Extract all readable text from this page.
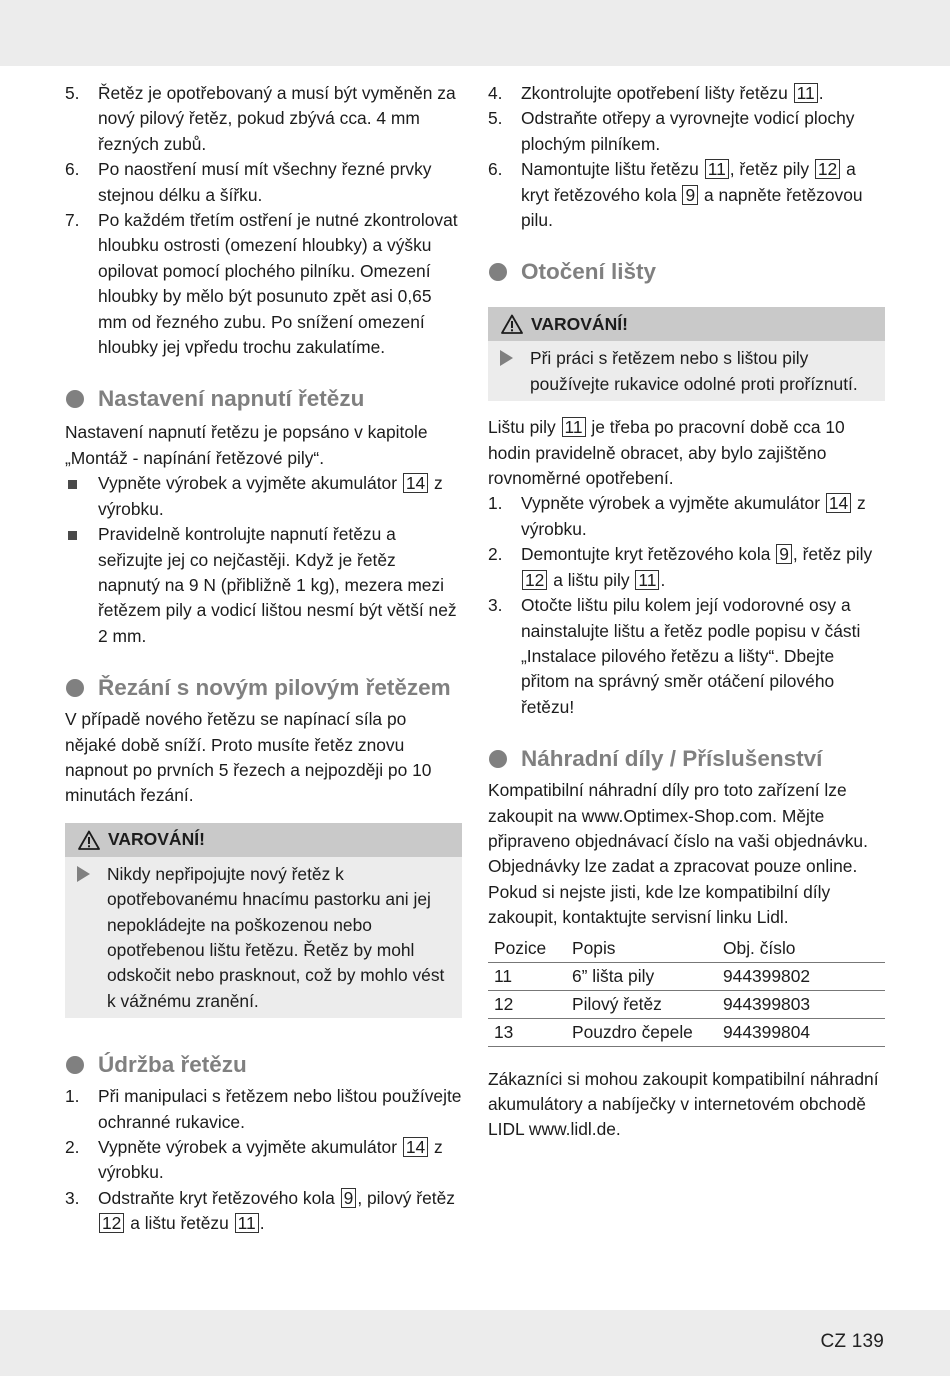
5. Řetěz je opotřebovaný a musí být vyměněn za nový pilový řetěz, pokud zbývá cca. 4 mm řezných zubů.
6. Po naostření musí mít všechny řezné prvky stejnou délku a šířku.
7. Po každém třetím ostření je nutné zkontrolovat hloubku ostrosti (omezení hloubky) a výšku opilovat pomocí plochého pilníku. Omezení hloubky by mělo být posunuto zpět asi 0,65 mm od řezného zubu. Po snížení omezení hloubky jej vpředu trochu zakulatíme.
Nastavení napnutí řetězu

Nastavení napnutí řetězu je popsáno v kapitole „Montáž - napínání řetězové pily“.

Vypněte výrobek a vyjměte akumulátor 14 z výrobku.
Pravidelně kontrolujte napnutí řetězu a seřizujte jej co nejčastěji. Když je řetěz napnutý na 9 N (přibližně 1 kg), mezera mezi řetězem pily a vodicí lištou nesmí být větší než 2 mm.
Řezání s novým pilovým řetězem

V případě nového řetězu se napínací síla po nějaké době sníží. Proto musíte řetěz znovu napnout po prvních 5 řezech a nejpozději po 10 minutách řezání.

VAROVÁNÍ!

Nikdy nepřipojujte nový řetěz k opotřebovanému hnacímu pastorku ani jej nepokládejte na poškozenou nebo opotřebenou lištu řetězu. Řetěz by mohl odskočit nebo prasknout, což by mohlo vést k vážnému zranění.

Údržba řetězu
1. Při manipulaci s řetězem nebo lištou používejte ochranné rukavice.
2. Vypněte výrobek a vyjměte akumulátor 14 z výrobku.
3. Odstraňte kryt řetězového kola 9 , pilový řetěz 12 a lištu řetězu 11 .
4. Zkontrolujte opotřebení lišty řetězu 11 .
5. Odstraňte otřepy a vyrovnejte vodicí plochy plochým pilníkem.
6. Namontujte lištu řetězu 11 , řetěz pily 12 a kryt řetězového kola 9 a napněte řetězovou pilu.
Otočení lišty
VAROVÁNÍ!

Při práci s řetězem nebo s lištou pily používejte rukavice odolné proti proříznutí.

Lištu pily 11 je třeba po pracovní době cca 10 hodin pravidelně obracet, aby bylo zajištěno rovnoměrné opotřebení.

1. Vypněte výrobek a vyjměte akumulátor 14 z výrobku.
2. Demontujte kryt řetězového kola 9 , řetěz pily 12 a lištu pily 11 .
3. Otočte lištu pilu kolem její vodorovné osy a nainstalujte lištu a řetěz podle popisu v části „Instalace pilového řetězu a lišty“. Dbejte přitom na správný směr otáčení pilového řetězu!
Náhradní díly / Příslušenství

Kompatibilní náhradní díly pro toto zařízení lze zakoupit na www.Optimex-Shop.com. Mějte připraveno objednávací číslo na vaši objednávku. Objednávky lze zadat a zpracovat pouze online. Pokud si nejste jisti, kde lze kompatibilní díly zakoupit, kontaktujte servisní linku Lidl.

Pozice	Popis	Obj. číslo
11	6” lišta pily	944399802
12	Pilový řetěz	944399803
13	Pouzdro čepele	944399804

Zákazníci si mohou zakoupit kompatibilní náhradní akumulátory a nabíječky v internetovém obchodě LIDL www.lidl.de.

CZ 139
